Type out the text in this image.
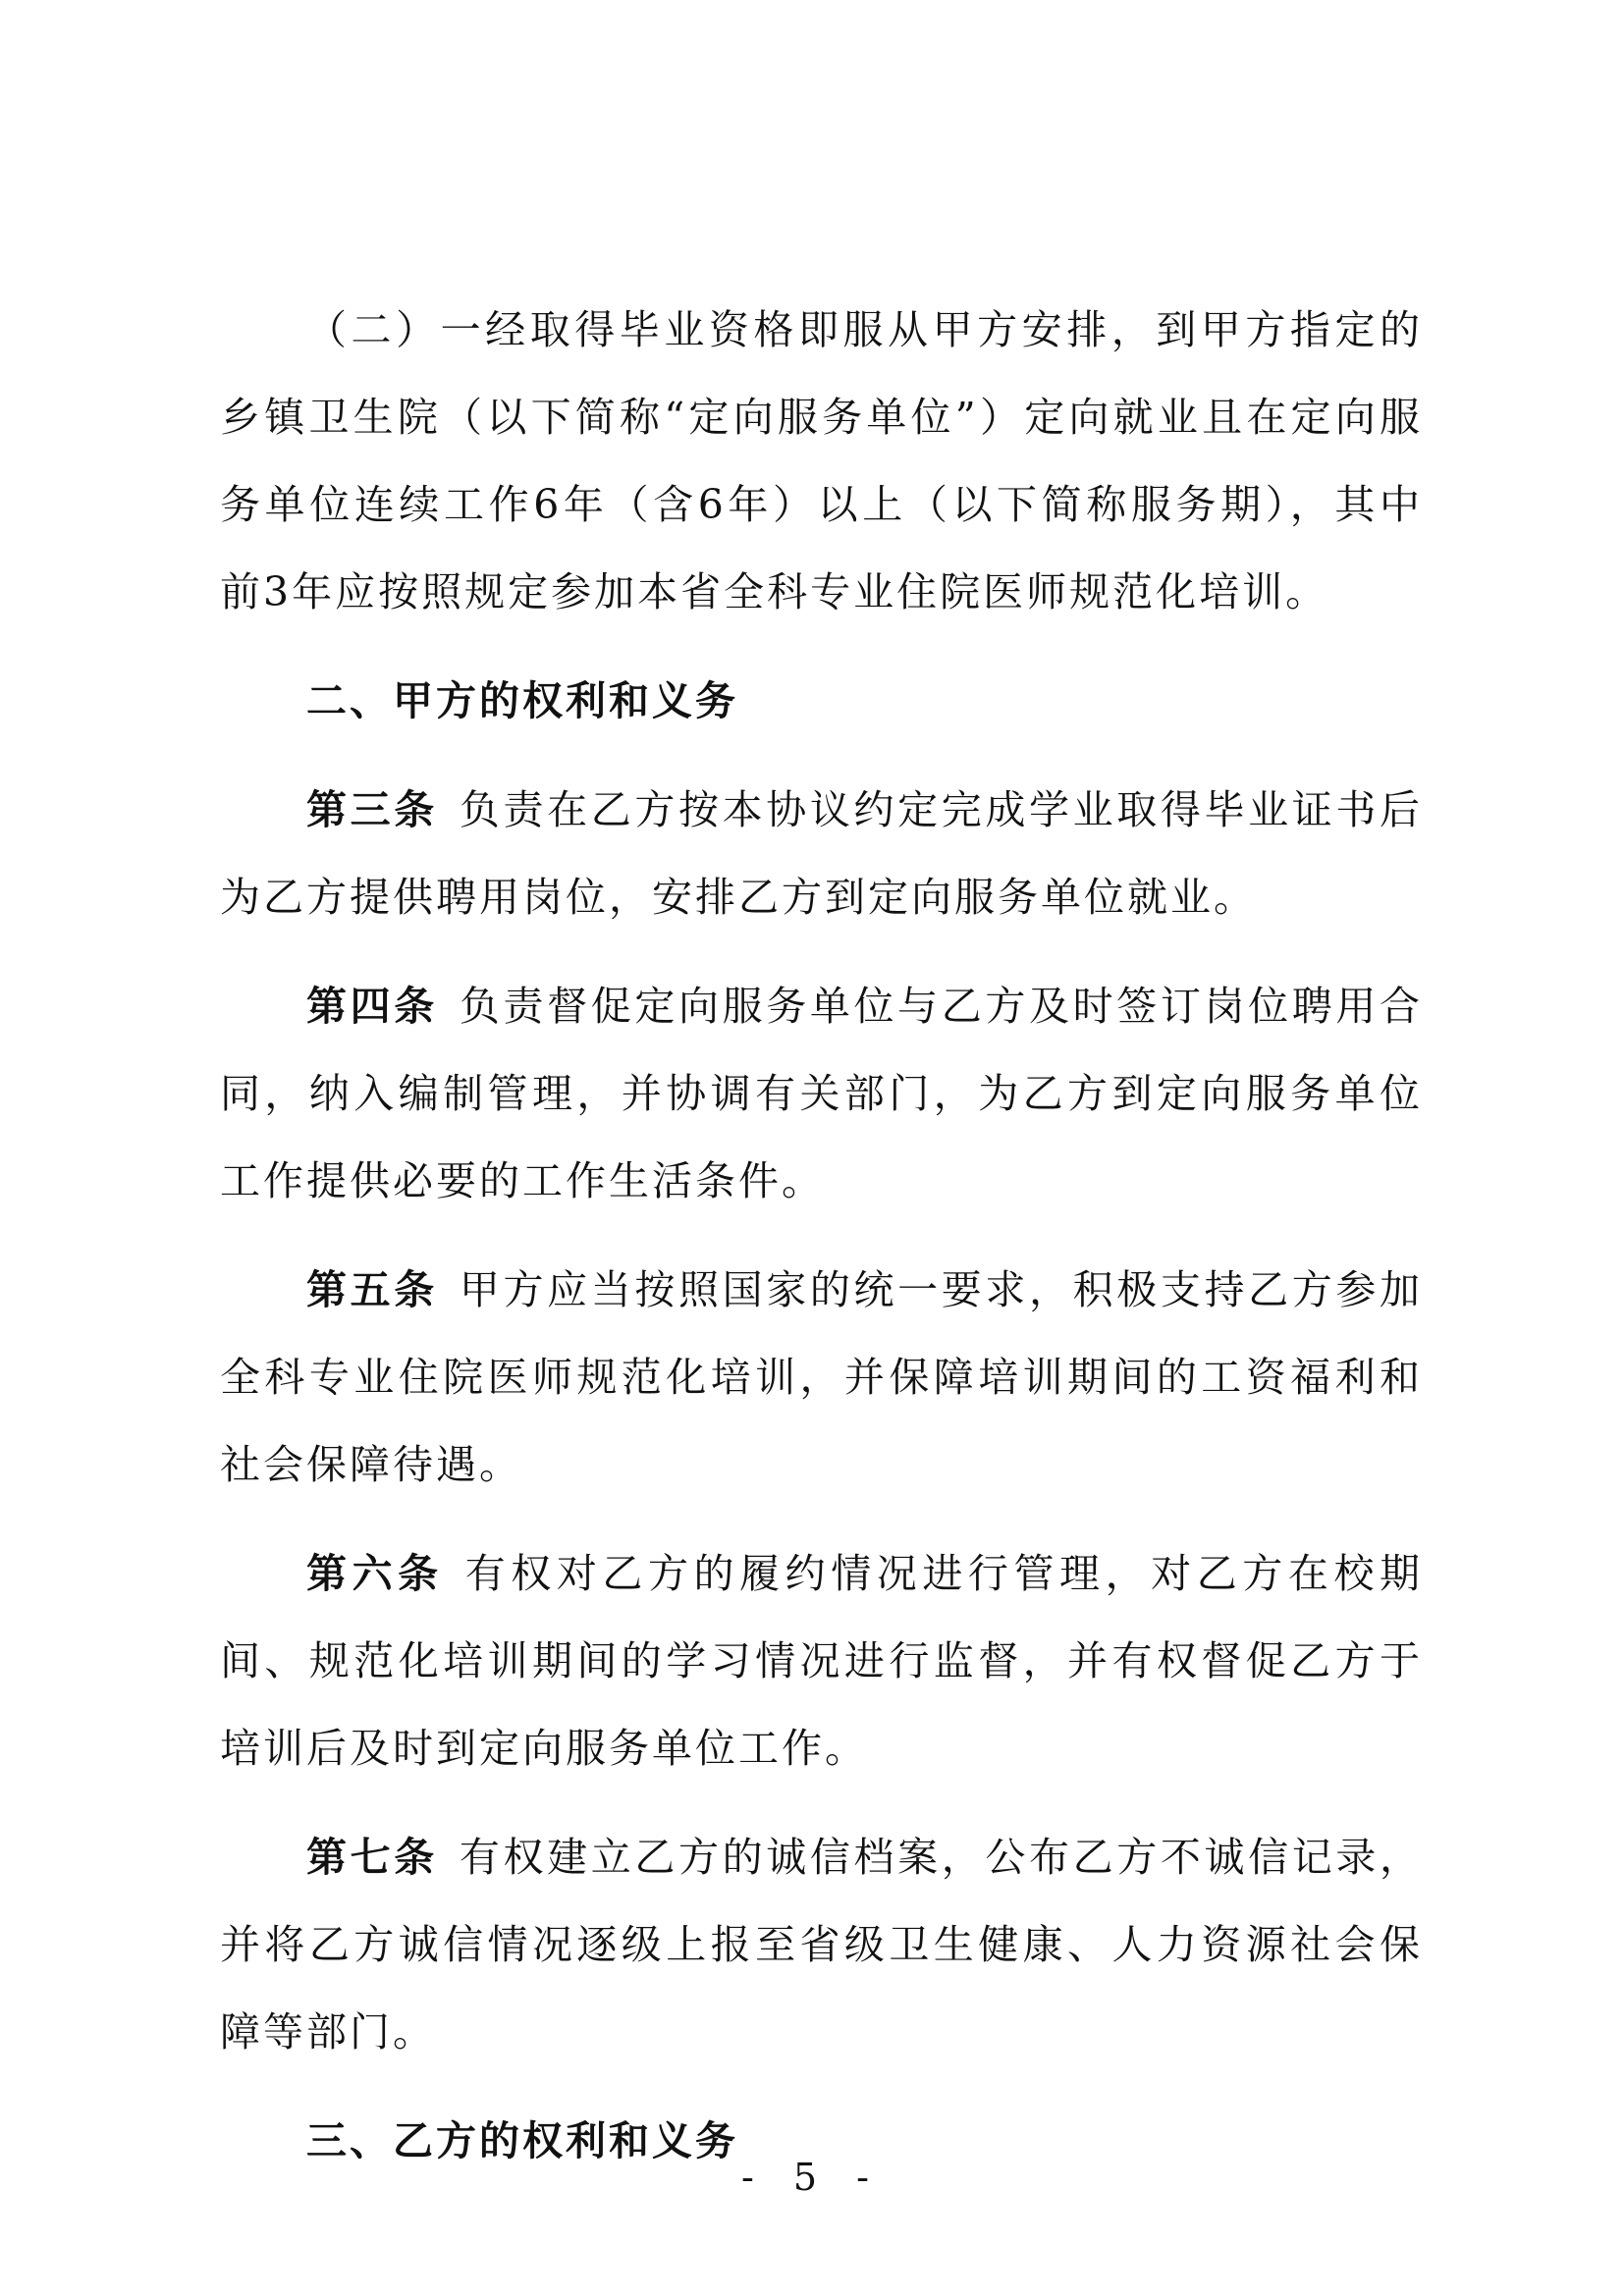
（二）一经取得毕业资格即服从甲方安排，到甲方指定的乡镇卫生院（以下简称“定向服务单位”）定向就业且在定向服务单位连续工作6年（含6年）以上（以下简称服务期），其中前3年应按照规定参加本省全科专业住院医师规范化培训。

二、甲方的权利和义务

第三条 负责在乙方按本协议约定完成学业取得毕业证书后为乙方提供聘用岗位，安排乙方到定向服务单位就业。

第四条 负责督促定向服务单位与乙方及时签订岗位聘用合同，纳入编制管理，并协调有关部门，为乙方到定向服务单位工作提供必要的工作生活条件。

第五条 甲方应当按照国家的统一要求，积极支持乙方参加全科专业住院医师规范化培训，并保障培训期间的工资福利和社会保障待遇。

第六条 有权对乙方的履约情况进行管理，对乙方在校期间、规范化培训期间的学习情况进行监督，并有权督促乙方于培训后及时到定向服务单位工作。

第七条 有权建立乙方的诚信档案，公布乙方不诚信记录，并将乙方诚信情况逐级上报至省级卫生健康、人力资源社会保障等部门。

三、乙方的权利和义务

- 5 -
